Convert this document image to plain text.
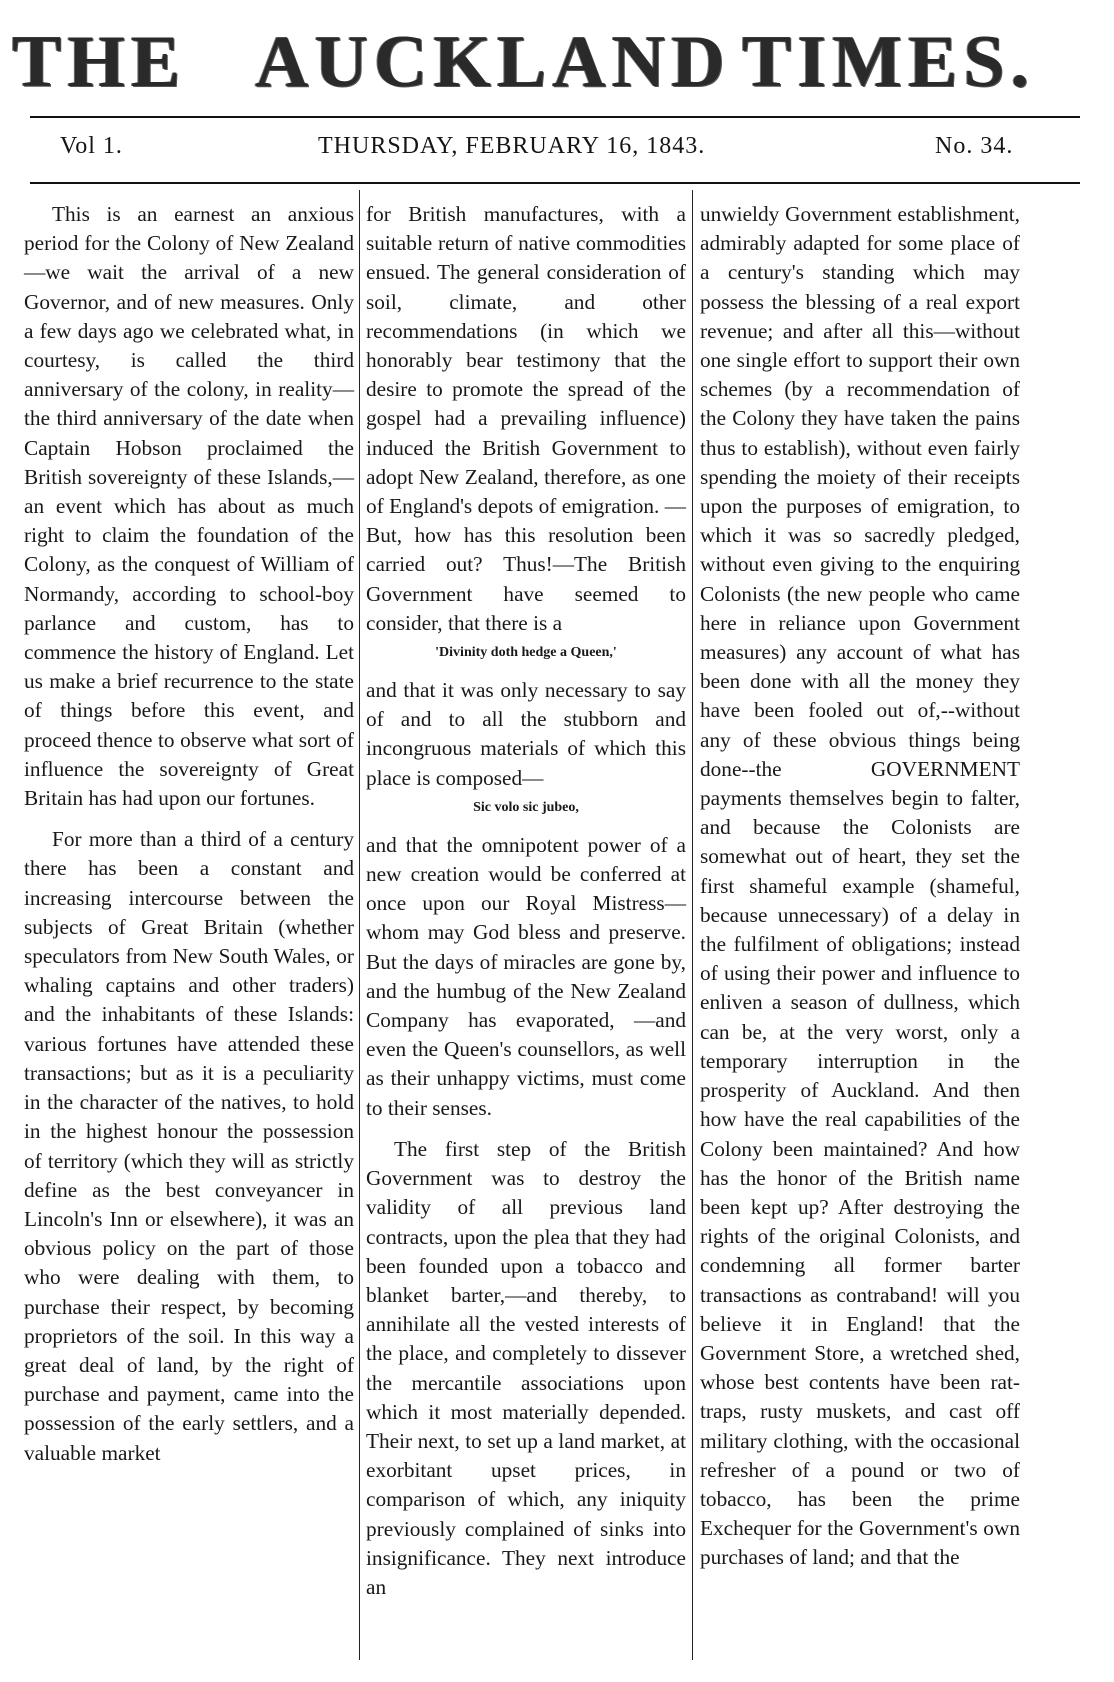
THE AUCKLAND TIMES.
Vol 1.	THURSDAY, FEBRUARY 16, 1843.	No. 34.

This is an earnest an anxious period for the Colony of New Zealand—we wait the arrival of a new Governor, and of new measures. Only a few days ago we celebrated what, in courtesy, is called the third anniversary of the colony, in reality—the third anniversary of the date when Captain Hobson proclaimed the British sovereignty of these Islands,—an event which has about as much right to claim the foundation of the Colony, as the conquest of William of Normandy, according to school-boy parlance and custom, has to commence the history of England. Let us make a brief recurrence to the state of things before this event, and proceed thence to observe what sort of influence the sovereignty of Great Britain has had upon our fortunes.

For more than a third of a century there has been a constant and increasing intercourse between the subjects of Great Britain (whether speculators from New South Wales, or whaling captains and other traders) and the inhabitants of these Islands: various fortunes have attended these transactions; but as it is a peculiarity in the character of the natives, to hold in the highest honour the possession of territory (which they will as strictly define as the best conveyancer in Lincoln's Inn or elsewhere), it was an obvious policy on the part of those who were dealing with them, to purchase their respect, by becoming proprietors of the soil. In this way a great deal of land, by the right of purchase and payment, came into the possession of the early settlers, and a valuable market

for British manufactures, with a suitable return of native commodities ensued. The general consideration of soil, climate, and other recommendations (in which we honorably bear testimony that the desire to promote the spread of the gospel had a prevailing influence) induced the British Government to adopt New Zealand, therefore, as one of England's depots of emigration. —But, how has this resolution been carried out? Thus!—The British Government have seemed to consider, that there is a

'Divinity doth hedge a Queen,'

and that it was only necessary to say of and to all the stubborn and incongruous materials of which this place is composed—

Sic volo sic jubeo,

and that the omnipotent power of a new creation would be conferred at once upon our Royal Mistress—whom may God bless and preserve. But the days of miracles are gone by, and the humbug of the New Zealand Company has evaporated, —and even the Queen's counsellors, as well as their unhappy victims, must come to their senses.

The first step of the British Government was to destroy the validity of all previous land contracts, upon the plea that they had been founded upon a tobacco and blanket barter,—and thereby, to annihilate all the vested interests of the place, and completely to dissever the mercantile associations upon which it most materially depended. Their next, to set up a land market, at exorbitant upset prices, in comparison of which, any iniquity previously complained of sinks into insignificance. They next introduce an

unwieldy Government establishment, admirably adapted for some place of a century's standing which may possess the blessing of a real export revenue; and after all this—without one single effort to support their own schemes (by a recommendation of the Colony they have taken the pains thus to establish), without even fairly spending the moiety of their receipts upon the purposes of emigration, to which it was so sacredly pledged, without even giving to the enquiring Colonists (the new people who came here in reliance upon Government measures) any account of what has been done with all the money they have been fooled out of,--without any of these obvious things being done--the GOVERNMENT payments themselves begin to falter, and because the Colonists are somewhat out of heart, they set the first shameful example (shameful, because unnecessary) of a delay in the fulfilment of obligations; instead of using their power and influence to enliven a season of dullness, which can be, at the very worst, only a temporary interruption in the prosperity of Auckland. And then how have the real capabilities of the Colony been maintained? And how has the honor of the British name been kept up? After destroying the rights of the original Colonists, and condemning all former barter transactions as contraband! will you believe it in England! that the Government Store, a wretched shed, whose best contents have been rat-traps, rusty muskets, and cast off military clothing, with the occasional refresher of a pound or two of tobacco, has been the prime Exchequer for the Government's own purchases of land; and that the
